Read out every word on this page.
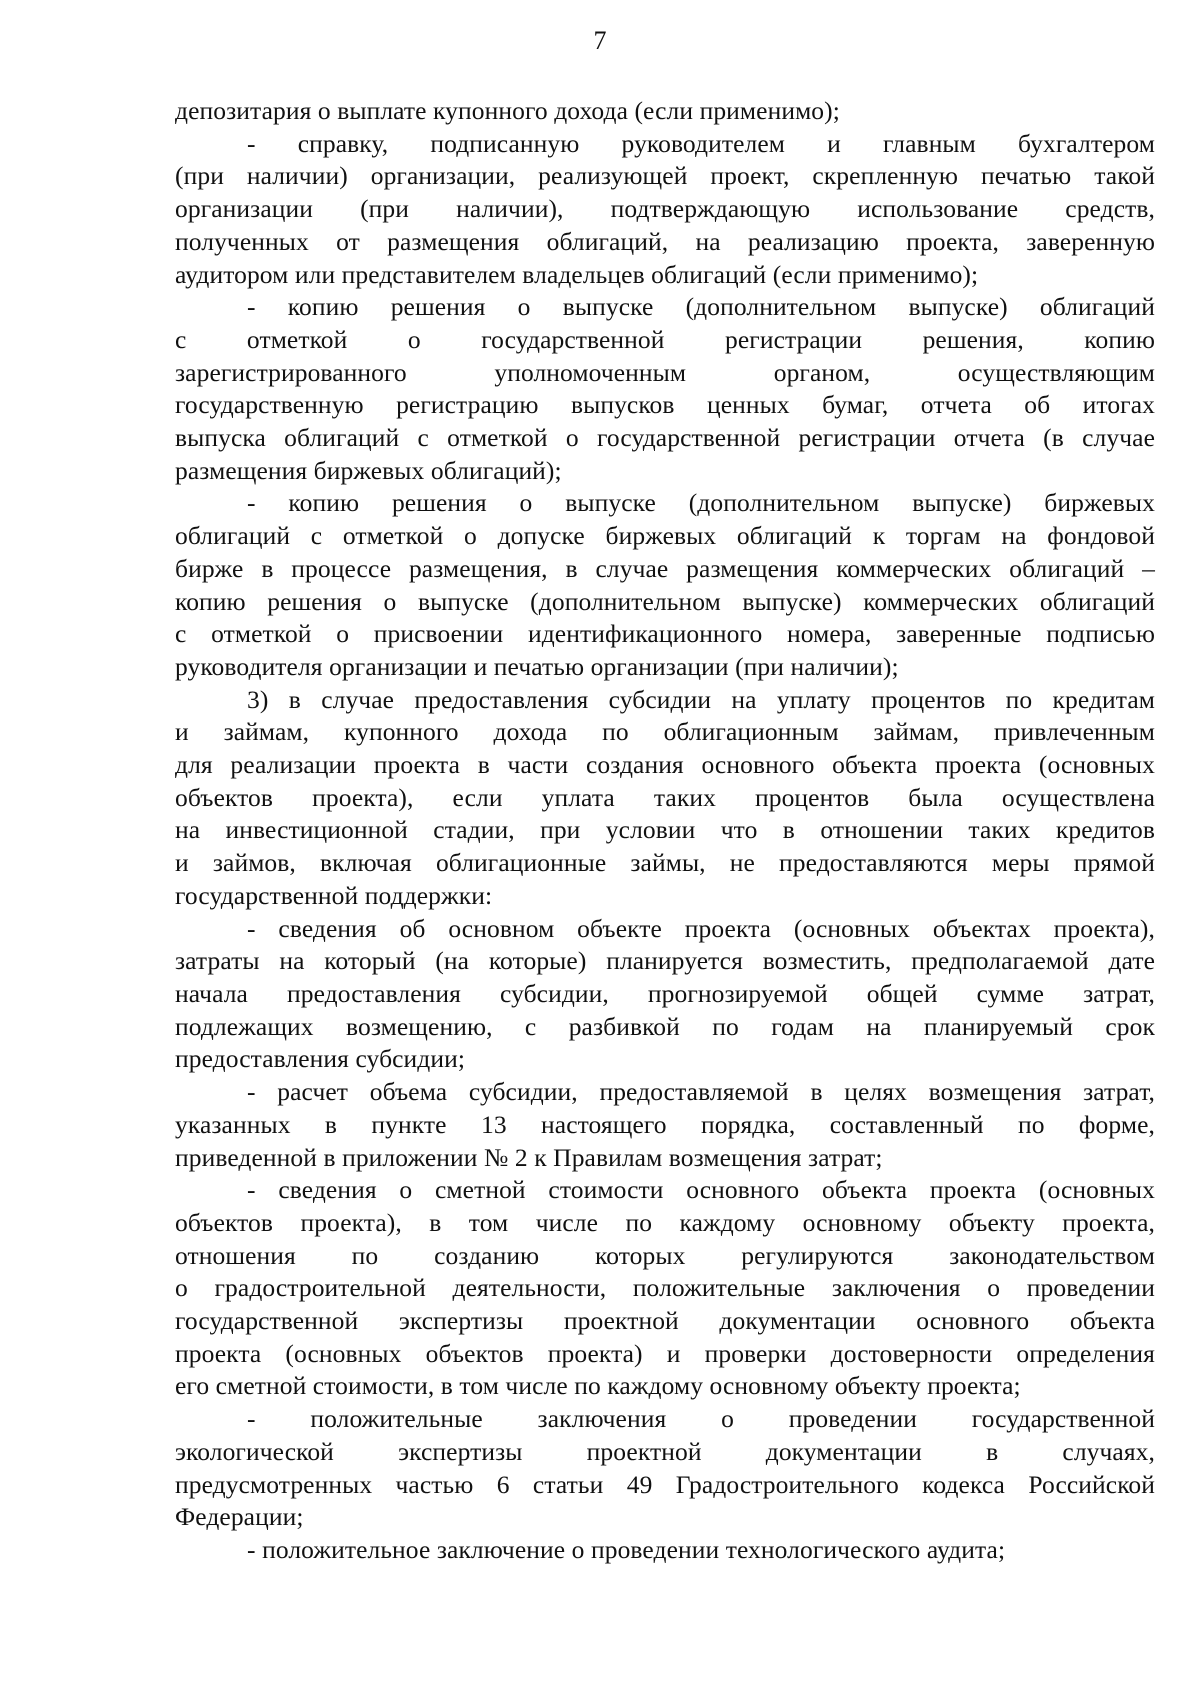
7
депозитария о выплате купонного дохода (если применимо);
- справку, подписанную руководителем и главным бухгалтером
(при наличии) организации, реализующей проект, скрепленную печатью такой
организации (при наличии), подтверждающую использование средств,
полученных от размещения облигаций, на реализацию проекта, заверенную
аудитором или представителем владельцев облигаций (если применимо);
- копию решения о выпуске (дополнительном выпуске) облигаций
с отметкой о государственной регистрации решения, копию
зарегистрированного уполномоченным органом, осуществляющим
государственную регистрацию выпусков ценных бумаг, отчета об итогах
выпуска облигаций с отметкой о государственной регистрации отчета (в случае
размещения биржевых облигаций);
- копию решения о выпуске (дополнительном выпуске) биржевых
облигаций с отметкой о допуске биржевых облигаций к торгам на фондовой
бирже в процессе размещения, в случае размещения коммерческих облигаций –
копию решения о выпуске (дополнительном выпуске) коммерческих облигаций
с отметкой о присвоении идентификационного номера, заверенные подписью
руководителя организации и печатью организации (при наличии);
3) в случае предоставления субсидии на уплату процентов по кредитам
и займам, купонного дохода по облигационным займам, привлеченным
для реализации проекта в части создания основного объекта проекта (основных
объектов проекта), если уплата таких процентов была осуществлена
на инвестиционной стадии, при условии что в отношении таких кредитов
и займов, включая облигационные займы, не предоставляются меры прямой
государственной поддержки:
- сведения об основном объекте проекта (основных объектах проекта),
затраты на который (на которые) планируется возместить, предполагаемой дате
начала предоставления субсидии, прогнозируемой общей сумме затрат,
подлежащих возмещению, с разбивкой по годам на планируемый срок
предоставления субсидии;
- расчет объема субсидии, предоставляемой в целях возмещения затрат,
указанных в пункте 13 настоящего порядка, составленный по форме,
приведенной в приложении № 2 к Правилам возмещения затрат;
- сведения о сметной стоимости основного объекта проекта (основных
объектов проекта), в том числе по каждому основному объекту проекта,
отношения по созданию которых регулируются законодательством
о градостроительной деятельности, положительные заключения о проведении
государственной экспертизы проектной документации основного объекта
проекта (основных объектов проекта) и проверки достоверности определения
его сметной стоимости, в том числе по каждому основному объекту проекта;
- положительные заключения о проведении государственной
экологической экспертизы проектной документации в случаях,
предусмотренных частью 6 статьи 49 Градостроительного кодекса Российской
Федерации;
- положительное заключение о проведении технологического аудита;
